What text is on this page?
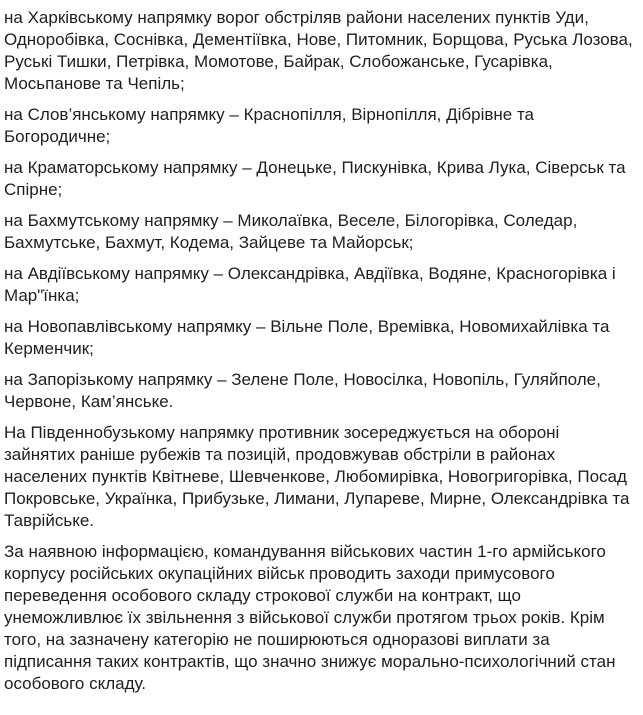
на Харківському напрямку ворог обстріляв райони населених пунктів Уди, Одноробівка, Соснівка, Дементіївка, Нове, Питомник, Борщова, Руська Лозова, Руські Тишки, Петрівка, Момотове, Байрак, Слобожанське, Гусарівка, Мосьпанове та Чепіль;

на Слов’янському напрямку – Краснопілля, Вірнопілля, Дібрівне та Богородичне;

на Краматорському напрямку – Донецьке, Пискунівка, Крива Лука, Сіверськ та Спірне;

на Бахмутському напрямку – Миколаївка, Веселе, Білогорівка, Соледар, Бахмутське, Бахмут, Кодема, Зайцеве та Майорськ;

на Авдіївському напрямку – Олександрівка, Авдіївка, Водяне, Красногорівка і Мар"їнка;

на Новопавлівському напрямку – Вільне Поле, Времівка, Новомихайлівка та Керменчик;

на Запорізькому напрямку – Зелене Поле, Новосілка, Новопіль, Гуляйполе, Червоне, Кам’янське.

На Південнобузькому напрямку противник зосереджується на обороні зайнятих раніше рубежів та позицій, продовжував обстріли в районах населених пунктів Квітневе, Шевченкове, Любомирівка, Новогригорівка, Посад Покровське, Українка, Прибузьке, Лимани, Лупареве, Мирне, Олександрівка та Таврійське.

За наявною інформацією, командування військових частин 1-го армійського корпусу російських окупаційних військ проводить заходи примусового переведення особового складу строкової служби на контракт, що унеможливлює їх звільнення з військової служби протягом трьох років. Крім того, на зазначену категорію не поширюються одноразові виплати за підписання таких контрактів, що значно знижує морально-психологічний стан особового складу.
